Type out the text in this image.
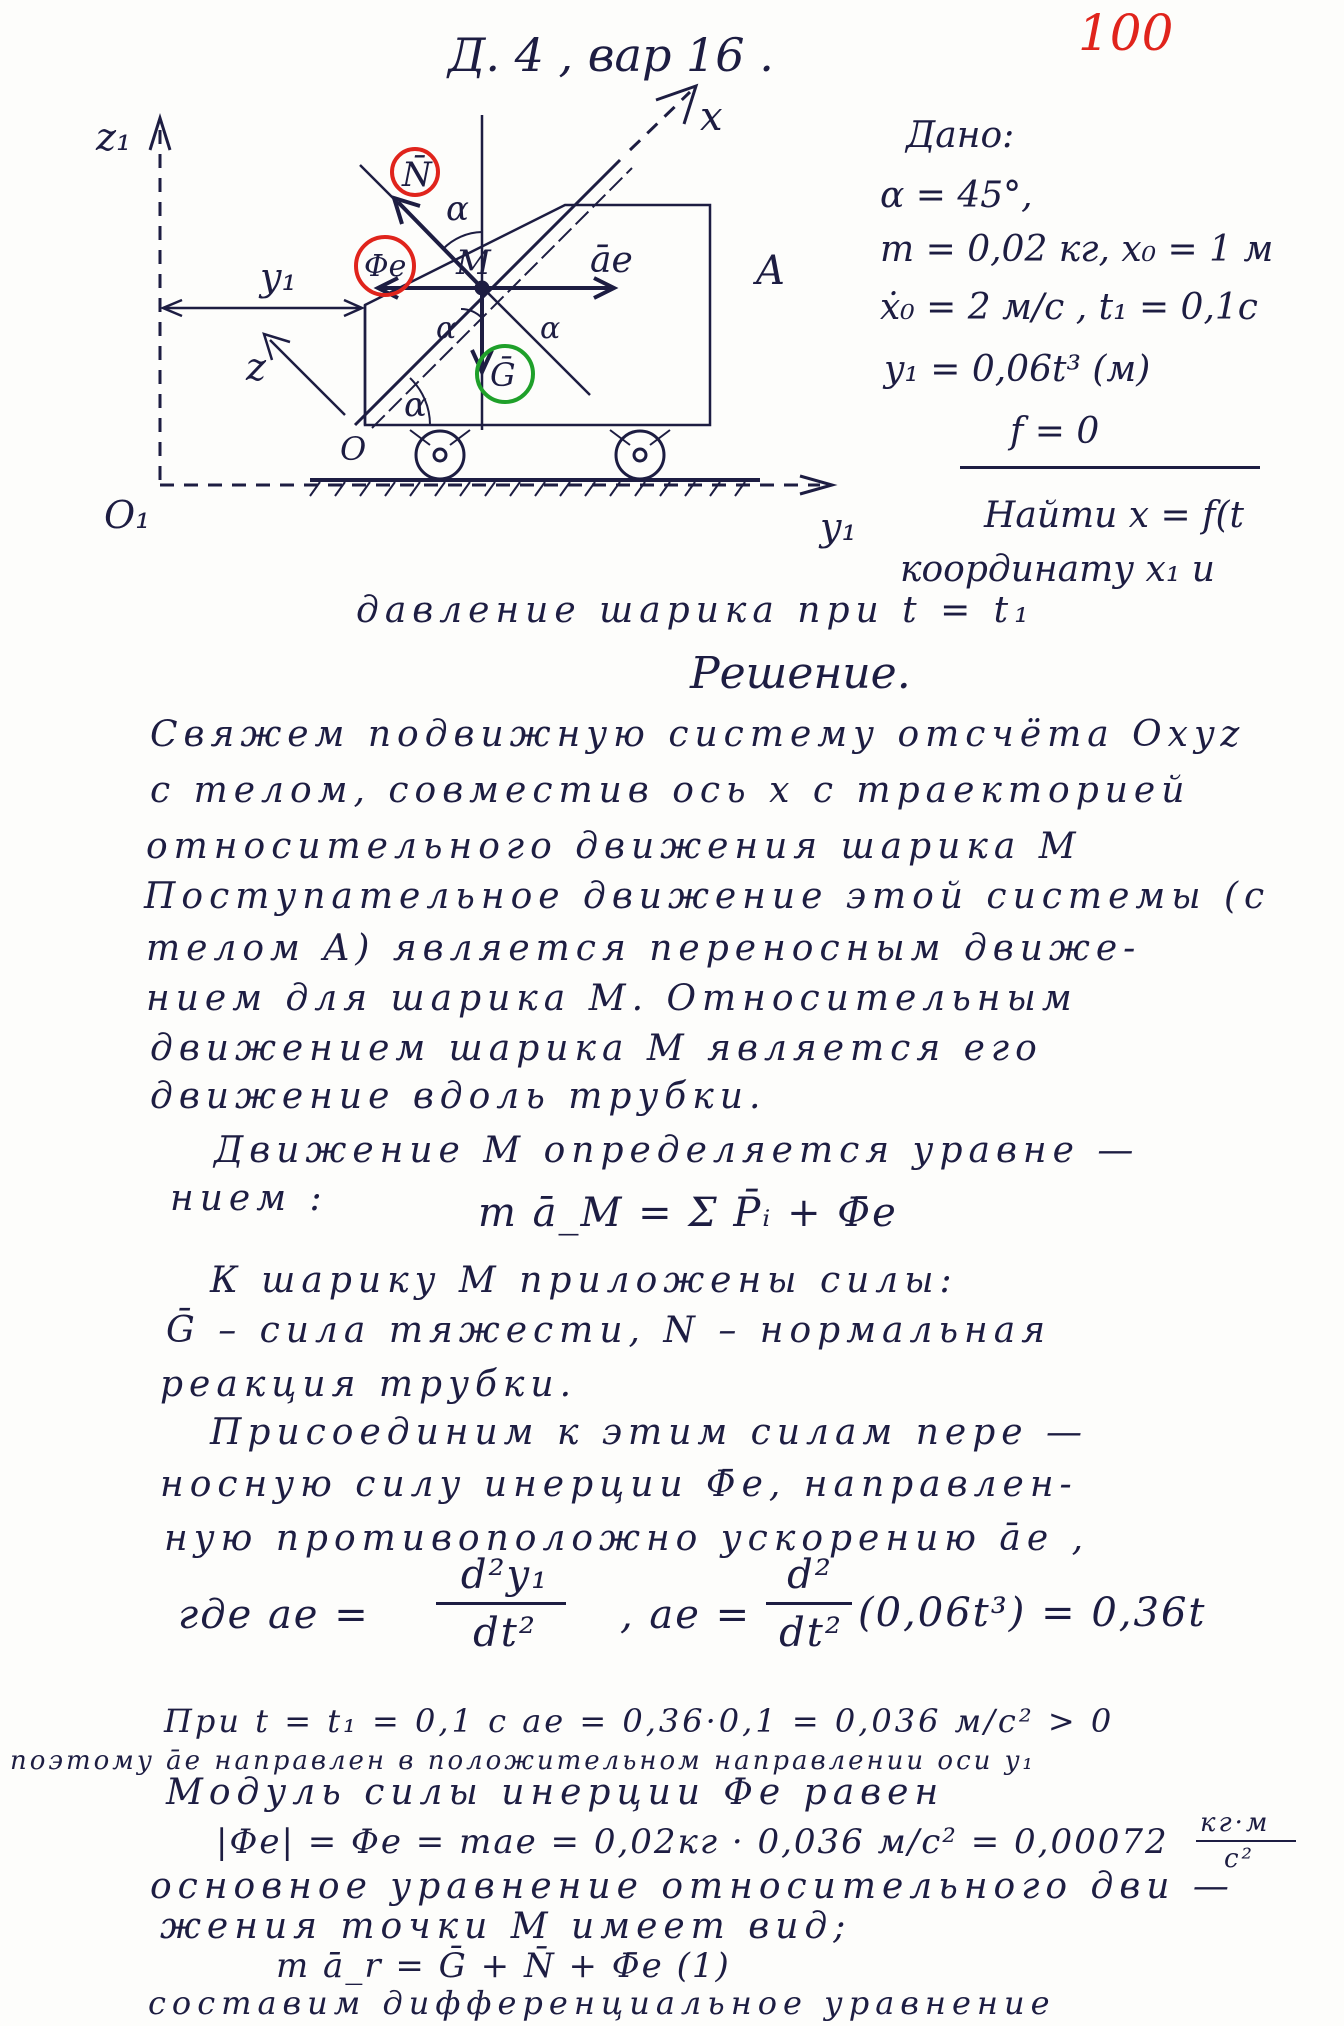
Д. 4 , вар 16 .	100
z₁	x
N̄
α
M	āe	A
y₁ Φe
α	α
z	Ḡ
α
O
O₁	y₁
Дано:
α = 45°,
m = 0,02 кг, x₀ = 1 м
ẋ₀ = 2 м/с , t₁ = 0,1с
y₁ = 0,06t³ (м)
f = 0
Найти x = f(t
координату x₁ и
давление шарика при t = t₁
Решение.
Свяжем подвижную систему отсчёта Oxyz
с телом, совместив ось x с траекторией
относительного движения шарика M
Поступательное движение этой системы (с
телом A) является переносным движе-
нием для шарика M. Относительным
движением шарика M является его
движение вдоль трубки.
Движение M определяется уравне —
нием :	m ā_M = Σ P̄ᵢ + Φ̄e
К шарику M приложены силы:
Ḡ – сила тяжести, N – нормальная
реакция трубки.
Присоединим к этим силам пере —
носную силу инерции Φ̄e, направлен-
ную противоположно ускорению āe ,
где ae =
d²y₁
dt²	, ae =
d²
dt² (0,06t³) = 0,36t
При t = t₁ = 0,1 с ae = 0,36·0,1 = 0,036 м/с² > 0
поэтому āe направлен в положительном направлении оси y₁
Модуль силы инерции Φe равен
|Φe| = Φe = mae = 0,02кг · 0,036 м/с² = 0,00072 кг·м
с²
основное уравнение относительного дви —
жения точки M имеет вид;
m ā_r = Ḡ + N̄ + Φ̄e (1)
составим дифференциальное уравнение
